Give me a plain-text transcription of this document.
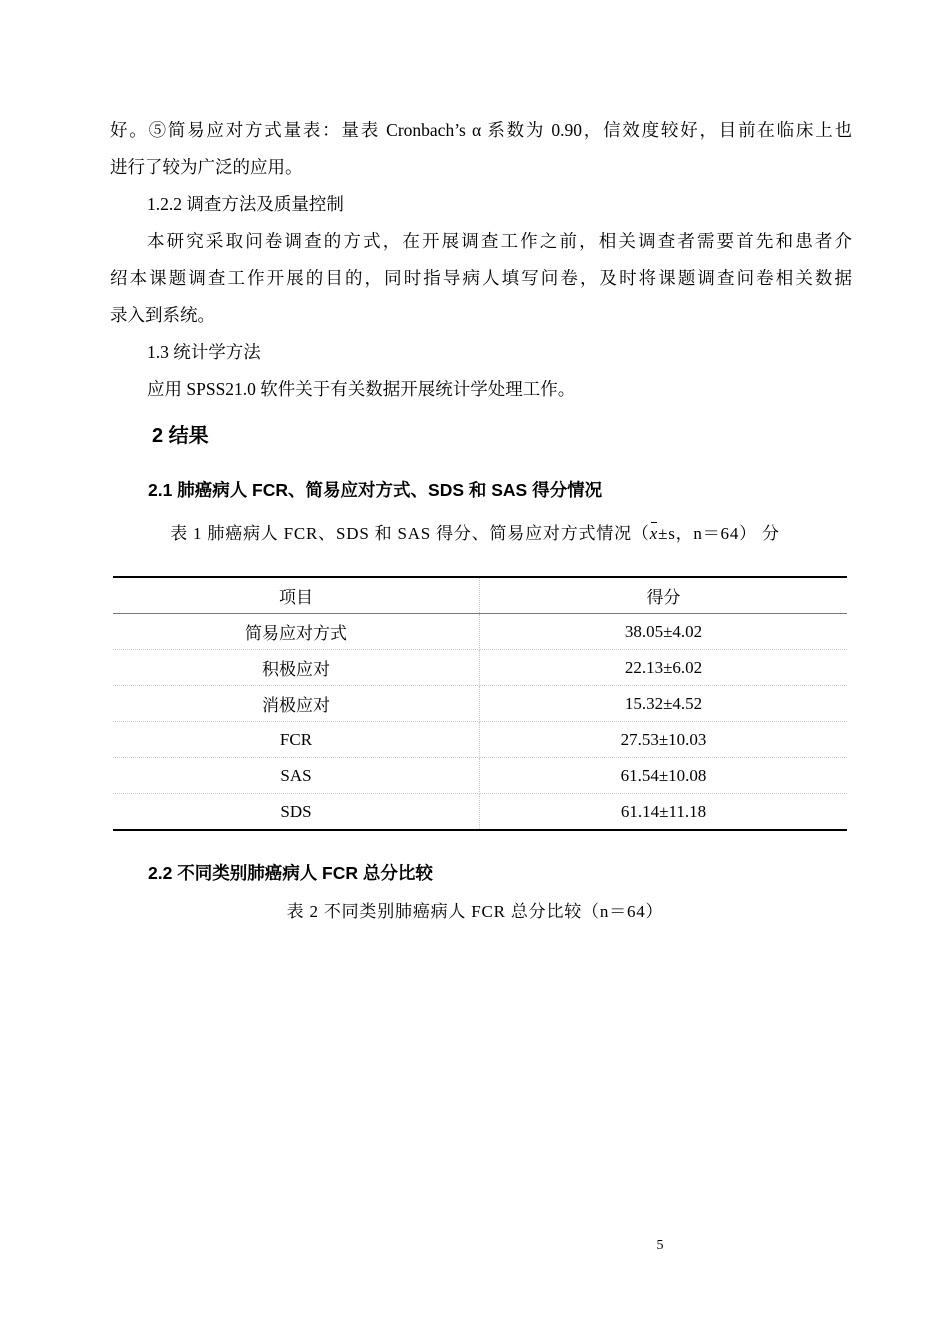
好。⑤简易应对方式量表：量表 Cronbach’s α 系数为 0.90，信效度较好，目前在临床上也
进行了较为广泛的应用。
1.2.2 调查方法及质量控制
本研究采取问卷调查的方式，在开展调查工作之前，相关调查者需要首先和患者介
绍本课题调查工作开展的目的，同时指导病人填写问卷，及时将课题调查问卷相关数据
录入到系统。
1.3 统计学方法
应用 SPSS21.0 软件关于有关数据开展统计学处理工作。
2 结果
2.1 肺癌病人 FCR、简易应对方式、SDS 和 SAS 得分情况

表 1 肺癌病人 FCR、SDS 和 SAS 得分、简易应对方式情况（x±s，n＝64） 分

项目	得分
简易应对方式	38.05±4.02
积极应对	22.13±6.02
消极应对	15.32±4.52
FCR	27.53±10.03
SAS	61.54±10.08
SDS	61.14±11.18
2.2 不同类别肺癌病人 FCR 总分比较

表 2 不同类别肺癌病人 FCR 总分比较（n＝64）

5
